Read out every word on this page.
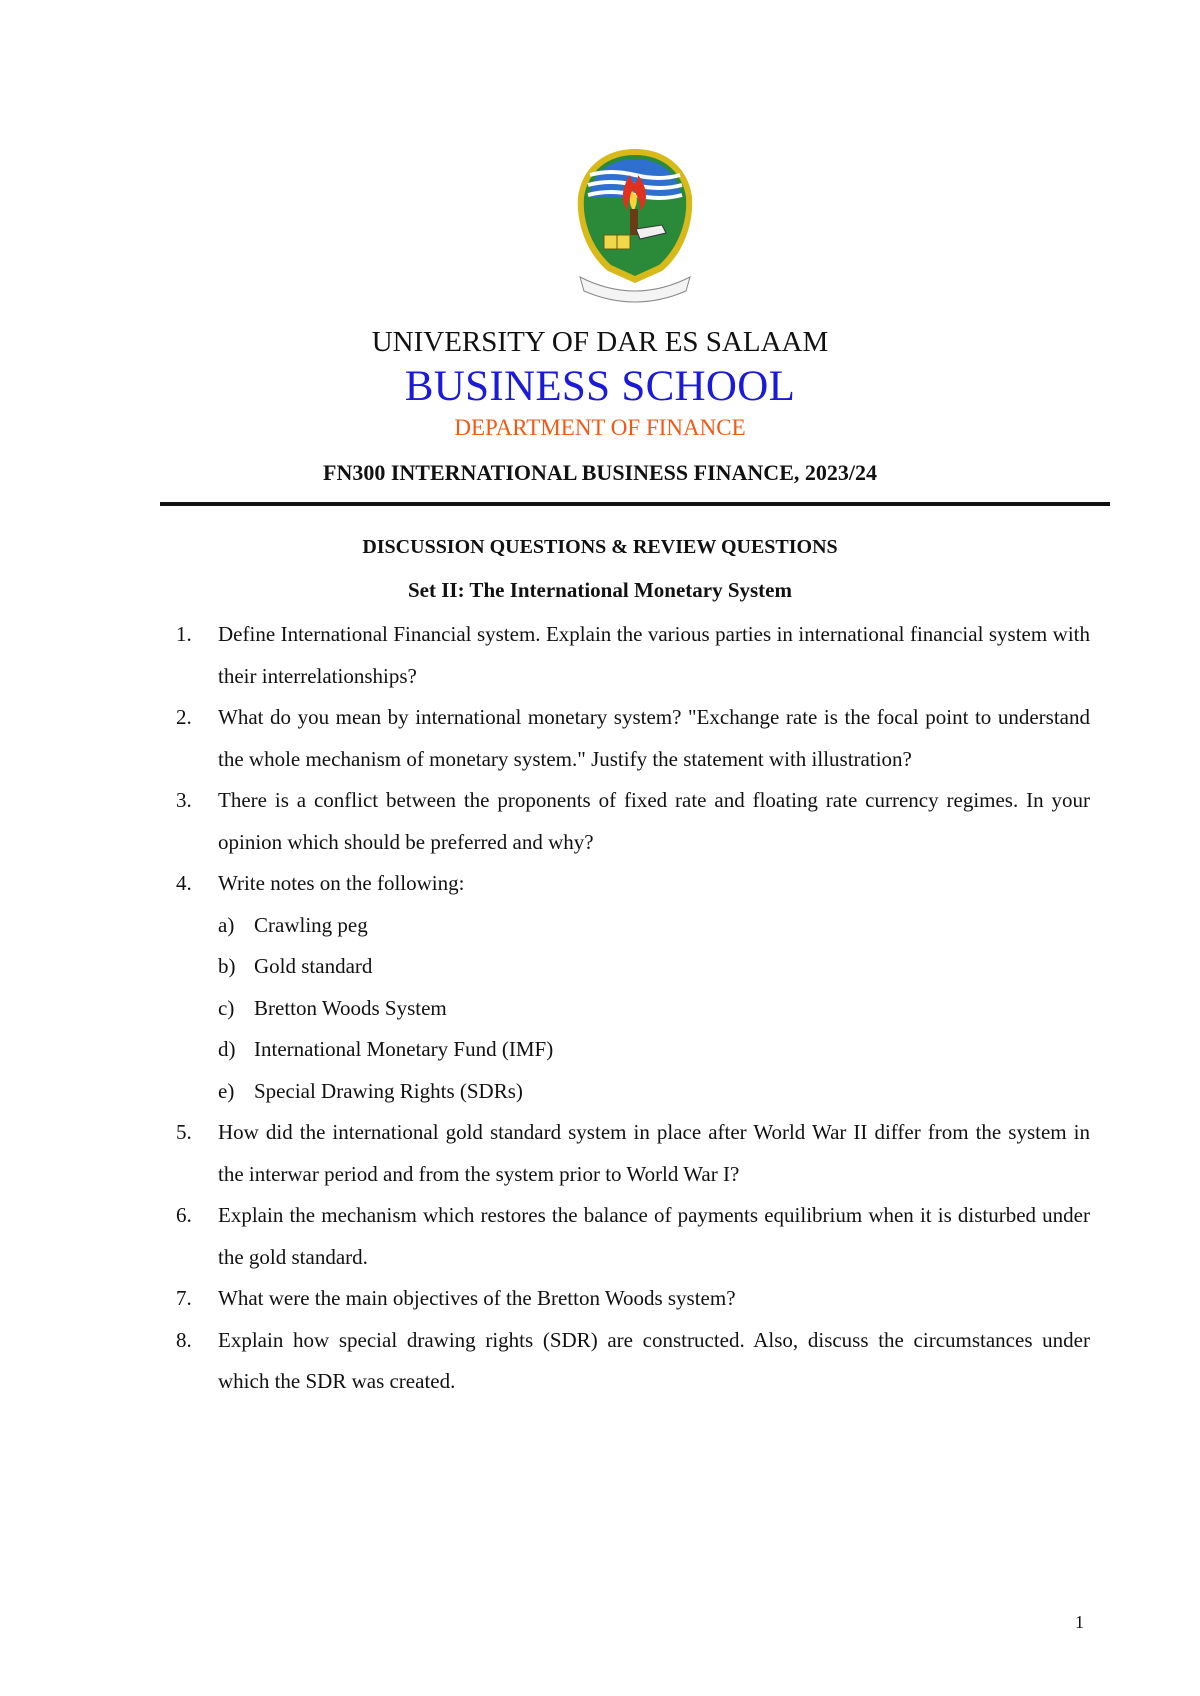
UNIVERSITY OF DAR ES SALAAM
BUSINESS SCHOOL
DEPARTMENT OF FINANCE
FN300 INTERNATIONAL BUSINESS FINANCE, 2023/24
DISCUSSION QUESTIONS & REVIEW QUESTIONS
Set II: The International Monetary System
1. Define International Financial system. Explain the various parties in international financial system with their interrelationships?
2. What do you mean by international monetary system? "Exchange rate is the focal point to understand the whole mechanism of monetary system." Justify the statement with illustration?
3. There is a conflict between the proponents of fixed rate and floating rate currency regimes. In your opinion which should be preferred and why?
4. Write notes on the following:
a) Crawling peg
b) Gold standard
c) Bretton Woods System
d) International Monetary Fund (IMF)
e) Special Drawing Rights (SDRs)
5. How did the international gold standard system in place after World War II differ from the system in the interwar period and from the system prior to World War I?
6. Explain the mechanism which restores the balance of payments equilibrium when it is disturbed under the gold standard.
7. What were the main objectives of the Bretton Woods system?
8. Explain how special drawing rights (SDR) are constructed. Also, discuss the circumstances under which the SDR was created.
1
